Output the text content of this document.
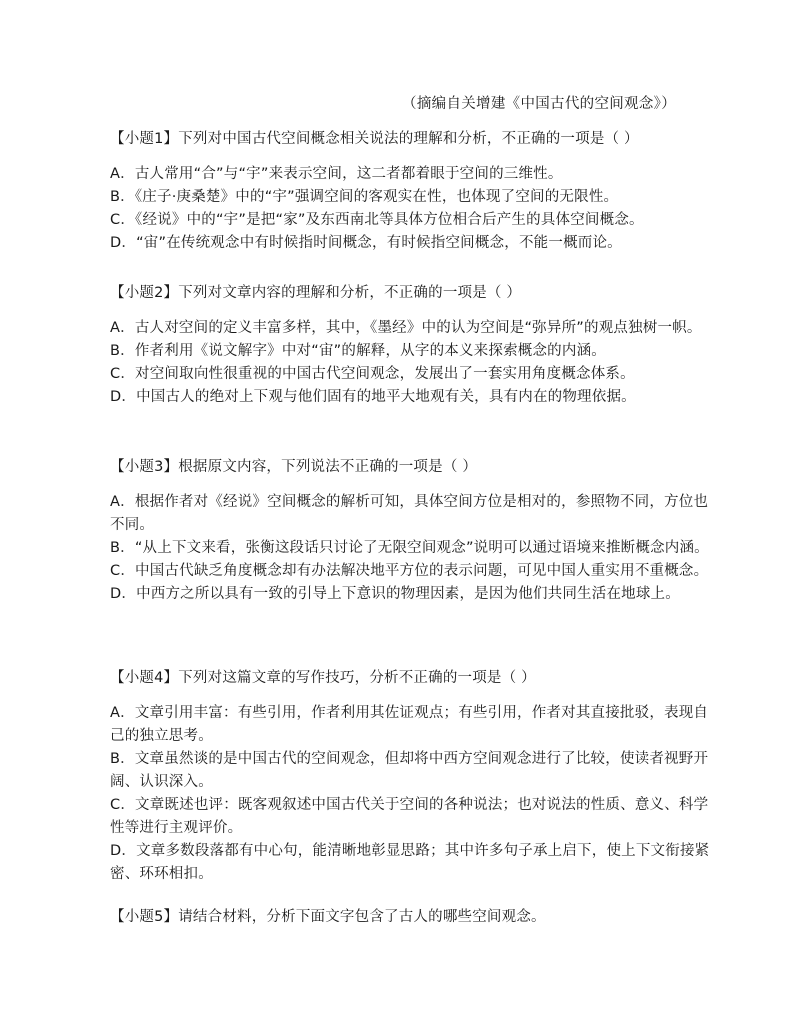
（摘编自关增建《中国古代的空间观念》）

【小题1】下列对中国古代空间概念相关说法的理解和分析，不正确的一项是（ ）

A．古人常用“合”与“宇”来表示空间，这二者都着眼于空间的三维性。

B．《庄子·庚桑楚》中的“宇”强调空间的客观实在性，也体现了空间的无限性。

C．《经说》中的“宇”是把“家”及东西南北等具体方位相合后产生的具体空间概念。

D．“宙”在传统观念中有时候指时间概念，有时候指空间概念，不能一概而论。

【小题2】下列对文章内容的理解和分析，不正确的一项是（ ）

A．古人对空间的定义丰富多样，其中，《墨经》中的认为空间是“弥异所”的观点独树一帜。

B．作者利用《说文解字》中对“宙”的解释，从字的本义来探索概念的内涵。

C．对空间取向性很重视的中国古代空间观念，发展出了一套实用角度概念体系。

D．中国古人的绝对上下观与他们固有的地平大地观有关，具有内在的物理依据。

【小题3】根据原文内容，下列说法不正确的一项是（ ）

A．根据作者对《经说》空间概念的解析可知，具体空间方位是相对的，参照物不同，方位也不同。

B．“从上下文来看，张衡这段话只讨论了无限空间观念”说明可以通过语境来推断概念内涵。

C．中国古代缺乏角度概念却有办法解决地平方位的表示问题，可见中国人重实用不重概念。

D．中西方之所以具有一致的引导上下意识的物理因素，是因为他们共同生活在地球上。

【小题4】下列对这篇文章的写作技巧，分析不正确的一项是（ ）

A．文章引用丰富：有些引用，作者利用其佐证观点；有些引用，作者对其直接批驳，表现自己的独立思考。

B．文章虽然谈的是中国古代的空间观念，但却将中西方空间观念进行了比较，使读者视野开阔、认识深入。

C．文章既述也评：既客观叙述中国古代关于空间的各种说法；也对说法的性质、意义、科学性等进行主观评价。

D．文章多数段落都有中心句，能清晰地彰显思路；其中许多句子承上启下，使上下文衔接紧密、环环相扣。

【小题5】请结合材料，分析下面文字包含了古人的哪些空间观念。
